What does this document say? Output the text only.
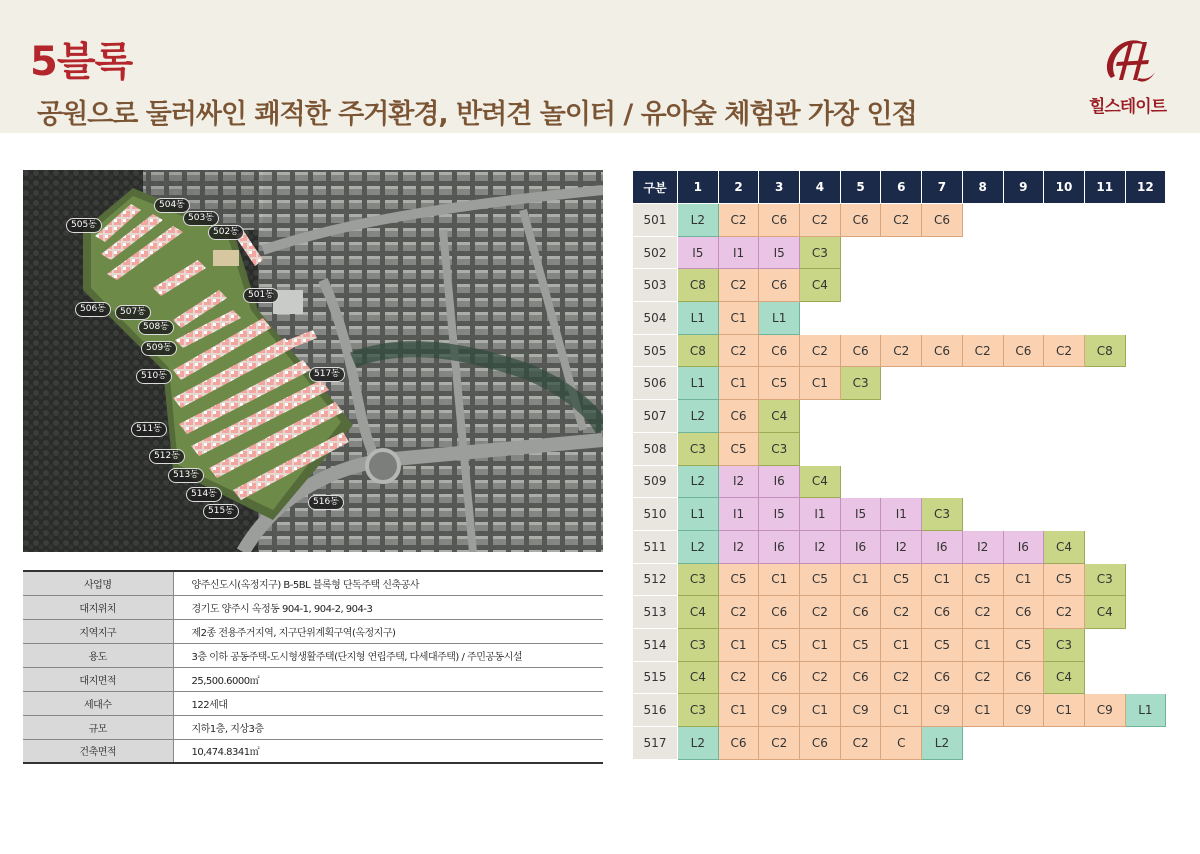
5블록
공원으로 둘러싸인 쾌적한 주거환경, 반려견 놀이터 / 유아숲 체험관 가장 인접	힐스테이트
504동
505동
503동
502동
501동
506동	507동
508동
509동
510동	517동
511동
512동
513동
514동
515동
516동
사업명	양주신도시(옥정지구) B-5BL 블록형 단독주택 신축공사
대지위치	경기도 양주시 옥정동 904-1, 904-2, 904-3
지역지구	제2종 전용주거지역, 지구단위계획구역(옥정지구)
용도	3층 이하 공동주택-도시형생활주택(단지형 연립주택, 다세대주택) / 주민공동시설
대지면적	25,500.6000㎡
세대수	122세대
규모	지하1층, 지상3층
건축면적	10,474.8341㎡
구분	1	2	3	4	5	6	7	8	9	10	11	12
501	L2	C2	C6	C2	C6	C2	C6					
502	I5	I1	I5	C3								
503	C8	C2	C6	C4								
504	L1	C1	L1									
505	C8	C2	C6	C2	C6	C2	C6	C2	C6	C2	C8	
506	L1	C1	C5	C1	C3							
507	L2	C6	C4									
508	C3	C5	C3									
509	L2	I2	I6	C4								
510	L1	I1	I5	I1	I5	I1	C3					
511	L2	I2	I6	I2	I6	I2	I6	I2	I6	C4		
512	C3	C5	C1	C5	C1	C5	C1	C5	C1	C5	C3	
513	C4	C2	C6	C2	C6	C2	C6	C2	C6	C2	C4	
514	C3	C1	C5	C1	C5	C1	C5	C1	C5	C3		
515	C4	C2	C6	C2	C6	C2	C6	C2	C6	C4		
516	C3	C1	C9	C1	C9	C1	C9	C1	C9	C1	C9	L1
517	L2	C6	C2	C6	C2	C	L2					
